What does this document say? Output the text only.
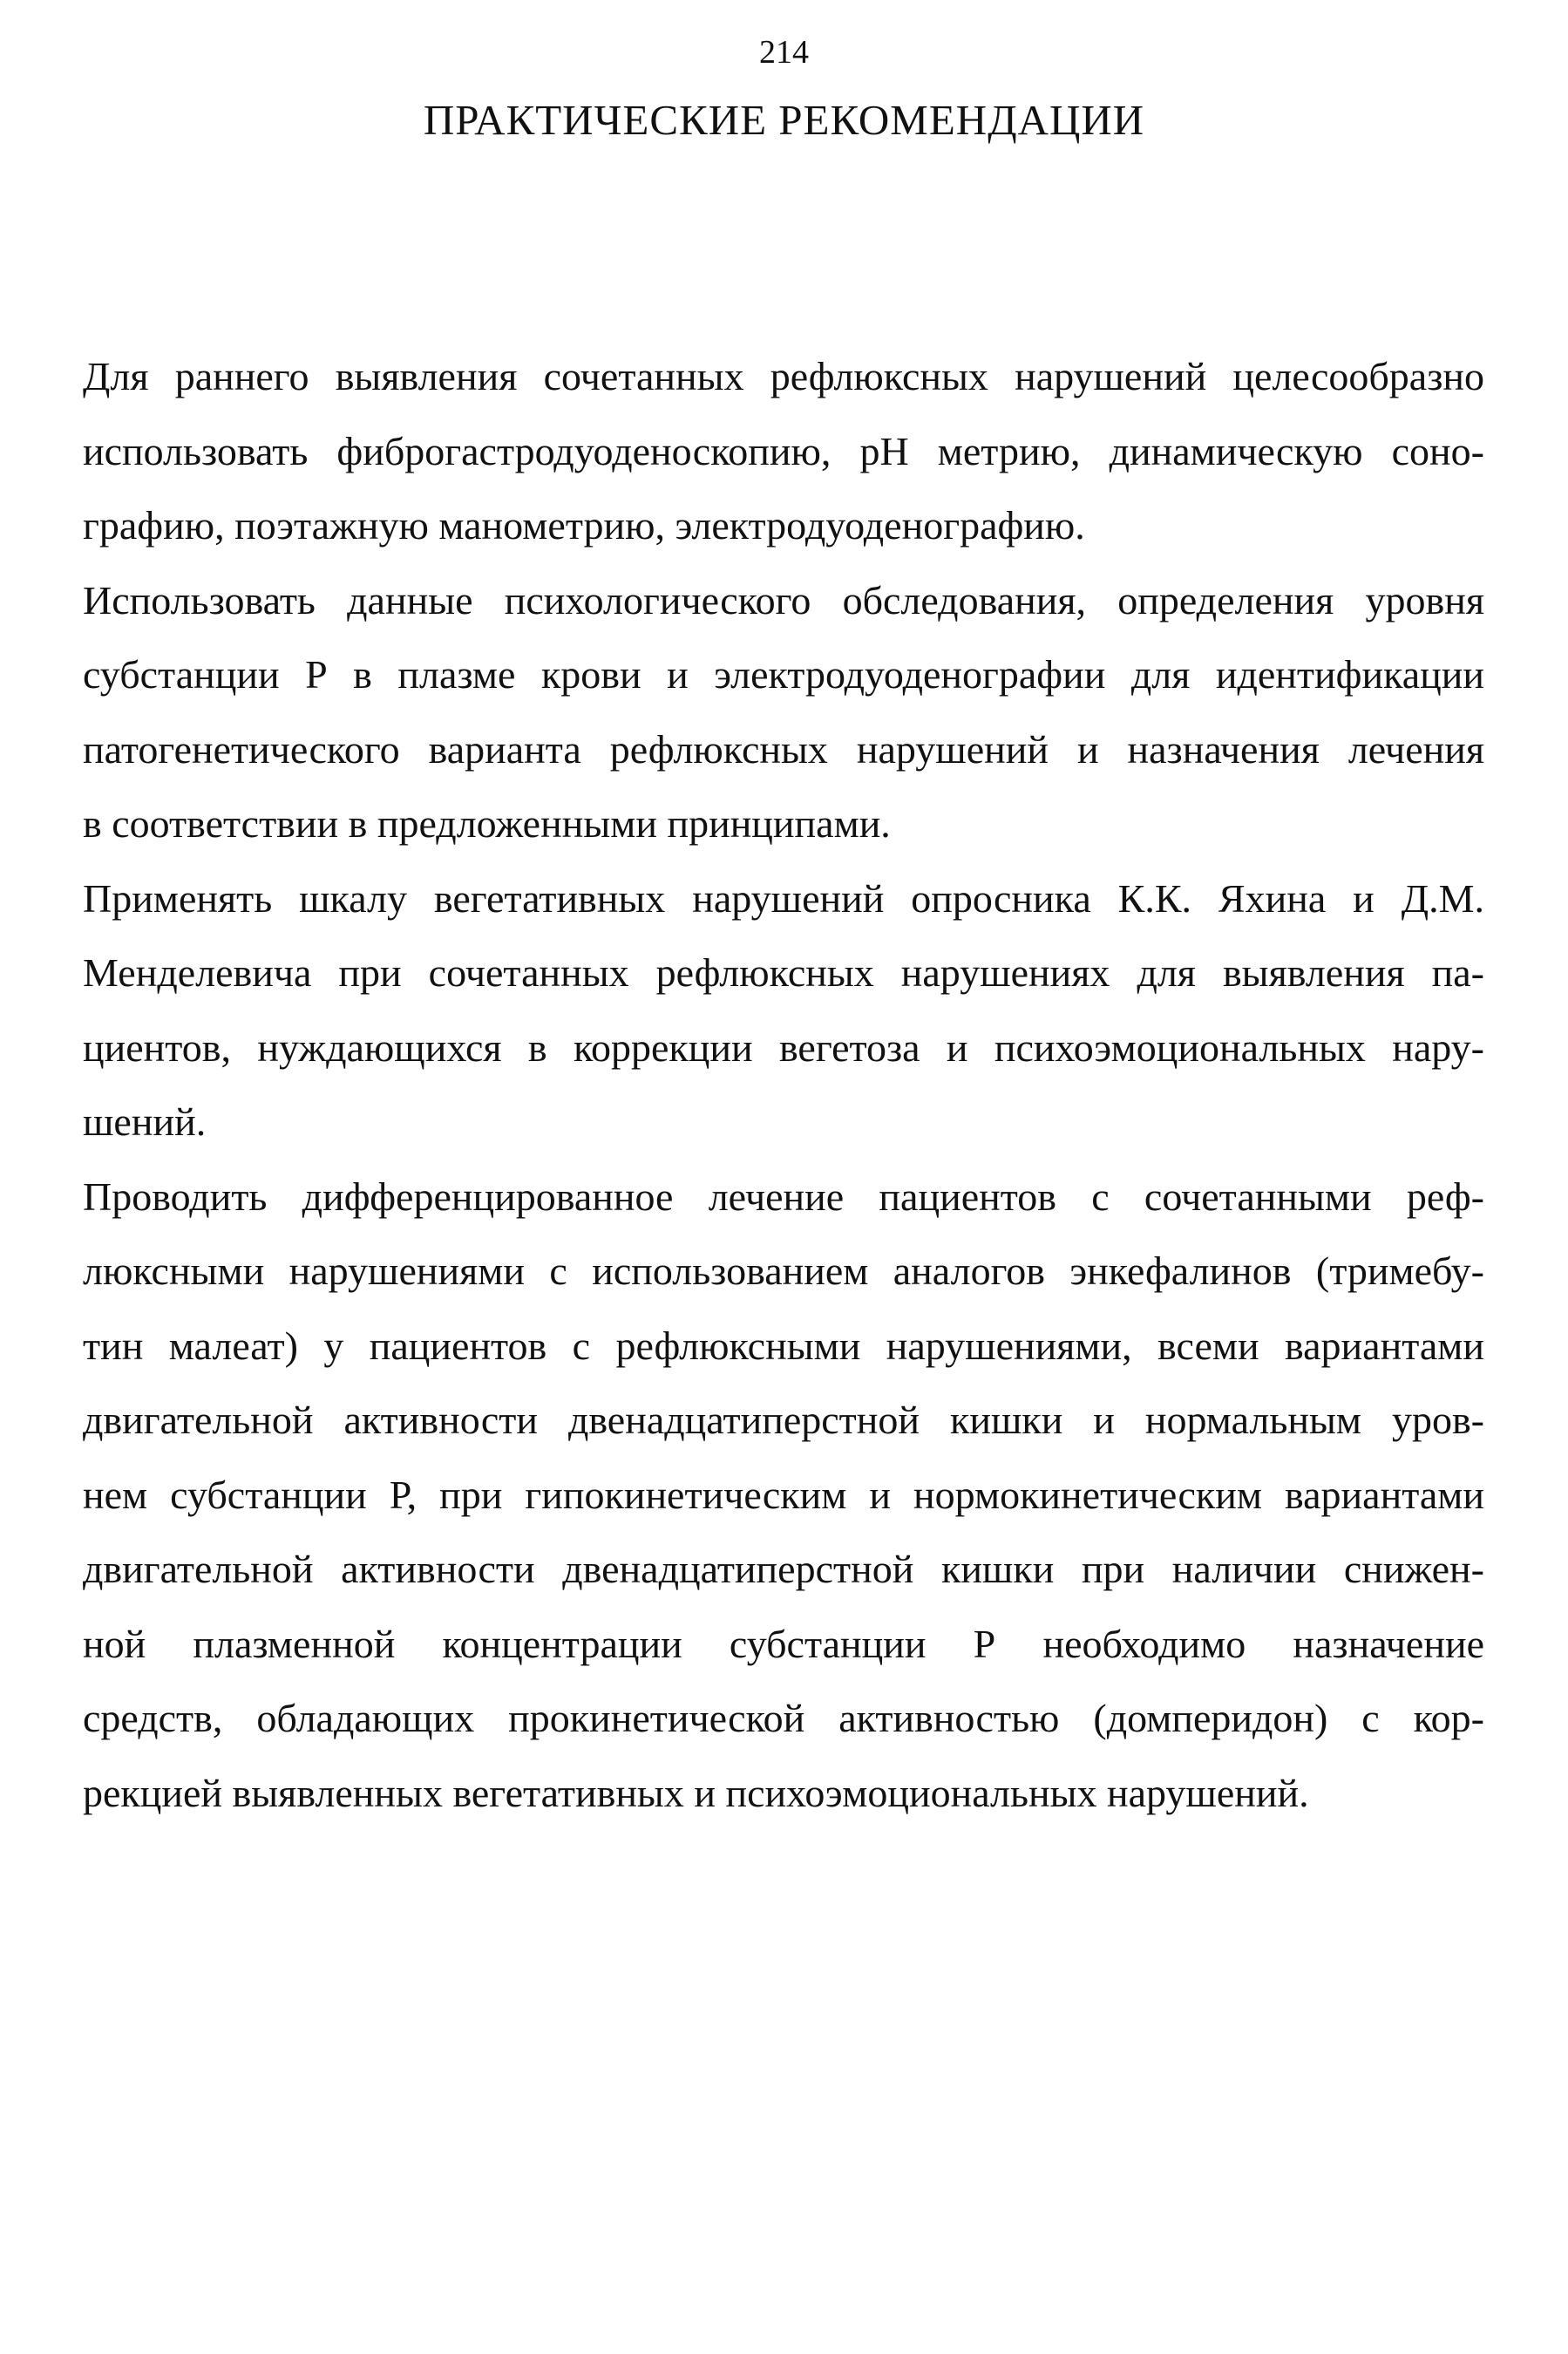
214
ПРАКТИЧЕСКИЕ РЕКОМЕНДАЦИИ
Для раннего выявления сочетанных рефлюксных нарушений целесообразно
использовать фиброгастродуоденоскопию, pH метрию, динамическую соно-
графию, поэтажную манометрию, электродуоденографию.
Использовать данные психологического обследования, определения уровня
субстанции Р в плазме крови и электродуоденографии для идентификации
патогенетического варианта рефлюксных нарушений и назначения лечения
в соответствии в предложенными принципами.
Применять шкалу вегетативных нарушений опросника К.К. Яхина и Д.М.
Менделевича при сочетанных рефлюксных нарушениях для выявления па-
циентов, нуждающихся в коррекции вегетоза и психоэмоциональных нару-
шений.
Проводить дифференцированное лечение пациентов с сочетанными реф-
люксными нарушениями с использованием аналогов энкефалинов (тримебу-
тин малеат) у пациентов с рефлюксными нарушениями, всеми вариантами
двигательной активности двенадцатиперстной кишки и нормальным уров-
нем субстанции Р, при гипокинетическим и нормокинетическим вариантами
двигательной активности двенадцатиперстной кишки при наличии снижен-
ной плазменной концентрации субстанции Р необходимо назначение
средств, обладающих прокинетической активностью (домперидон) с кор-
рекцией выявленных вегетативных и психоэмоциональных нарушений.
